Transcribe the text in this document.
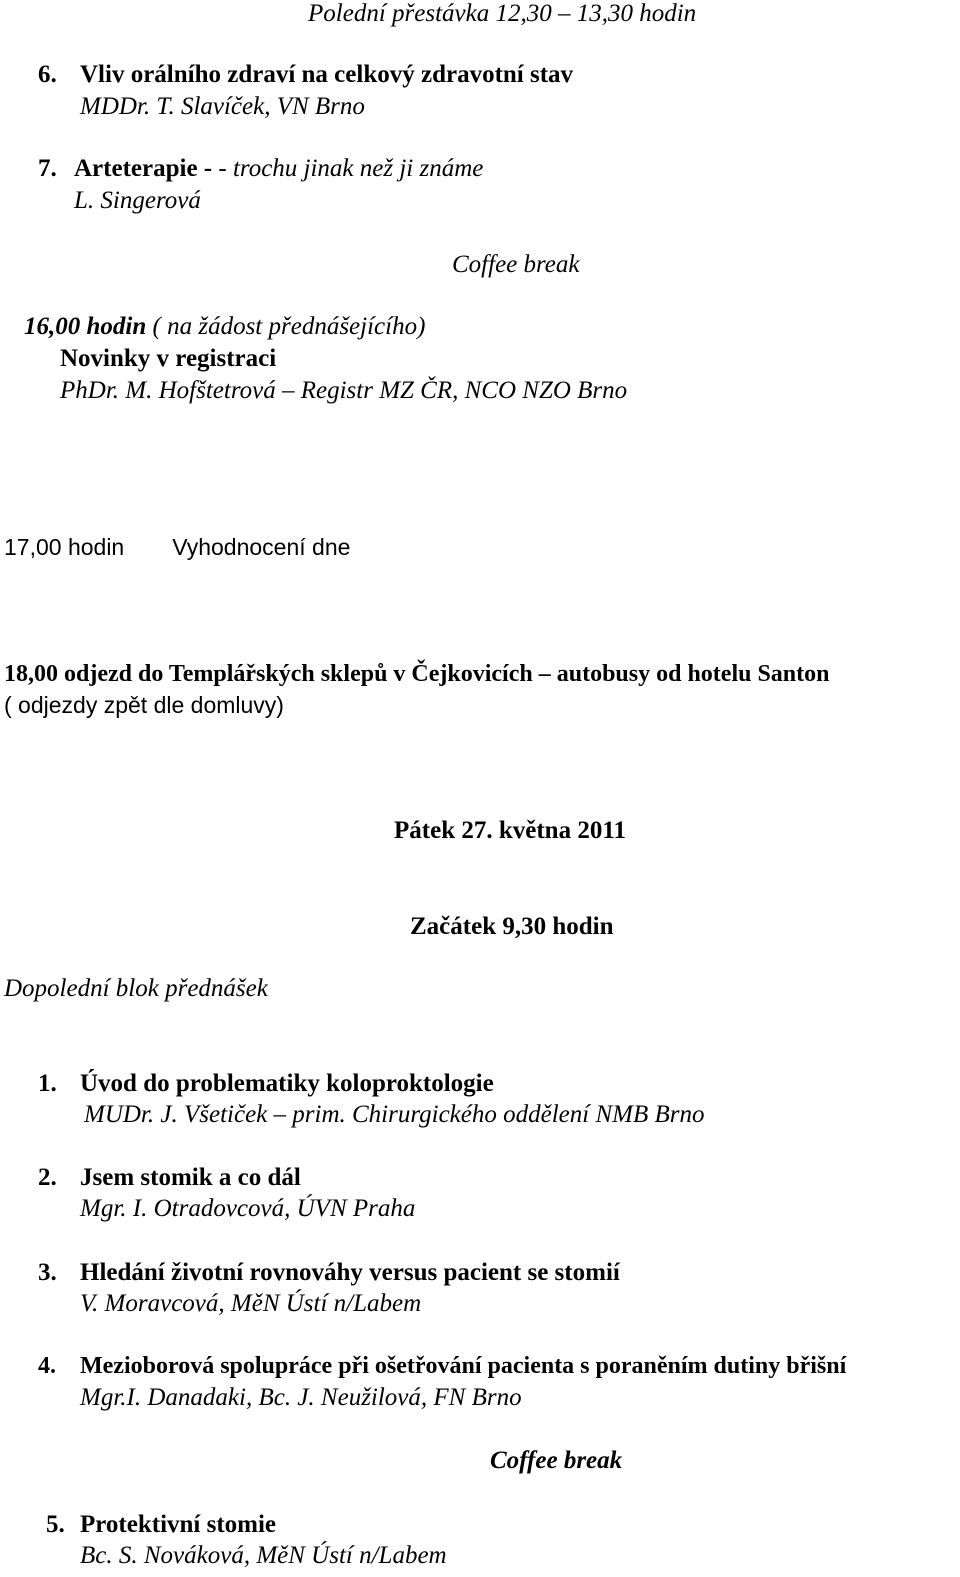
Polední přestávka 12,30 – 13,30 hodin
6. Vliv orálního zdraví na celkový zdravotní stav
MDDr. T. Slavíček, VN Brno
7. Arteterapie - - trochu jinak než ji známe
L. Singerová
Coffee break
16,00 hodin ( na žádost přednášejícího)
Novinky v registraci
PhDr. M. Hofštetrová – Registr MZ ČR, NCO NZO Brno
17,00 hodin Vyhodnocení dne
18,00 odjezd do Templářských sklepů v Čejkovicích – autobusy od hotelu Santon
( odjezdy zpět dle domluvy)
Pátek 27. května 2011
Začátek 9,30 hodin
Dopolední blok přednášek
1. Úvod do problematiky koloproktologie
MUDr. J. Všetiček – prim. Chirurgického oddělení NMB Brno
2. Jsem stomik a co dál
Mgr. I. Otradovcová, ÚVN Praha
3. Hledání životní rovnováhy versus pacient se stomií
V. Moravcová, MěN Ústí n/Labem
4. Mezioborová spolupráce při ošetřování pacienta s poraněním dutiny břišní
Mgr.I. Danadaki, Bc. J. Neužilová, FN Brno
Coffee break
5. Protektivní stomie
Bc. S. Nováková, MěN Ústí n/Labem
